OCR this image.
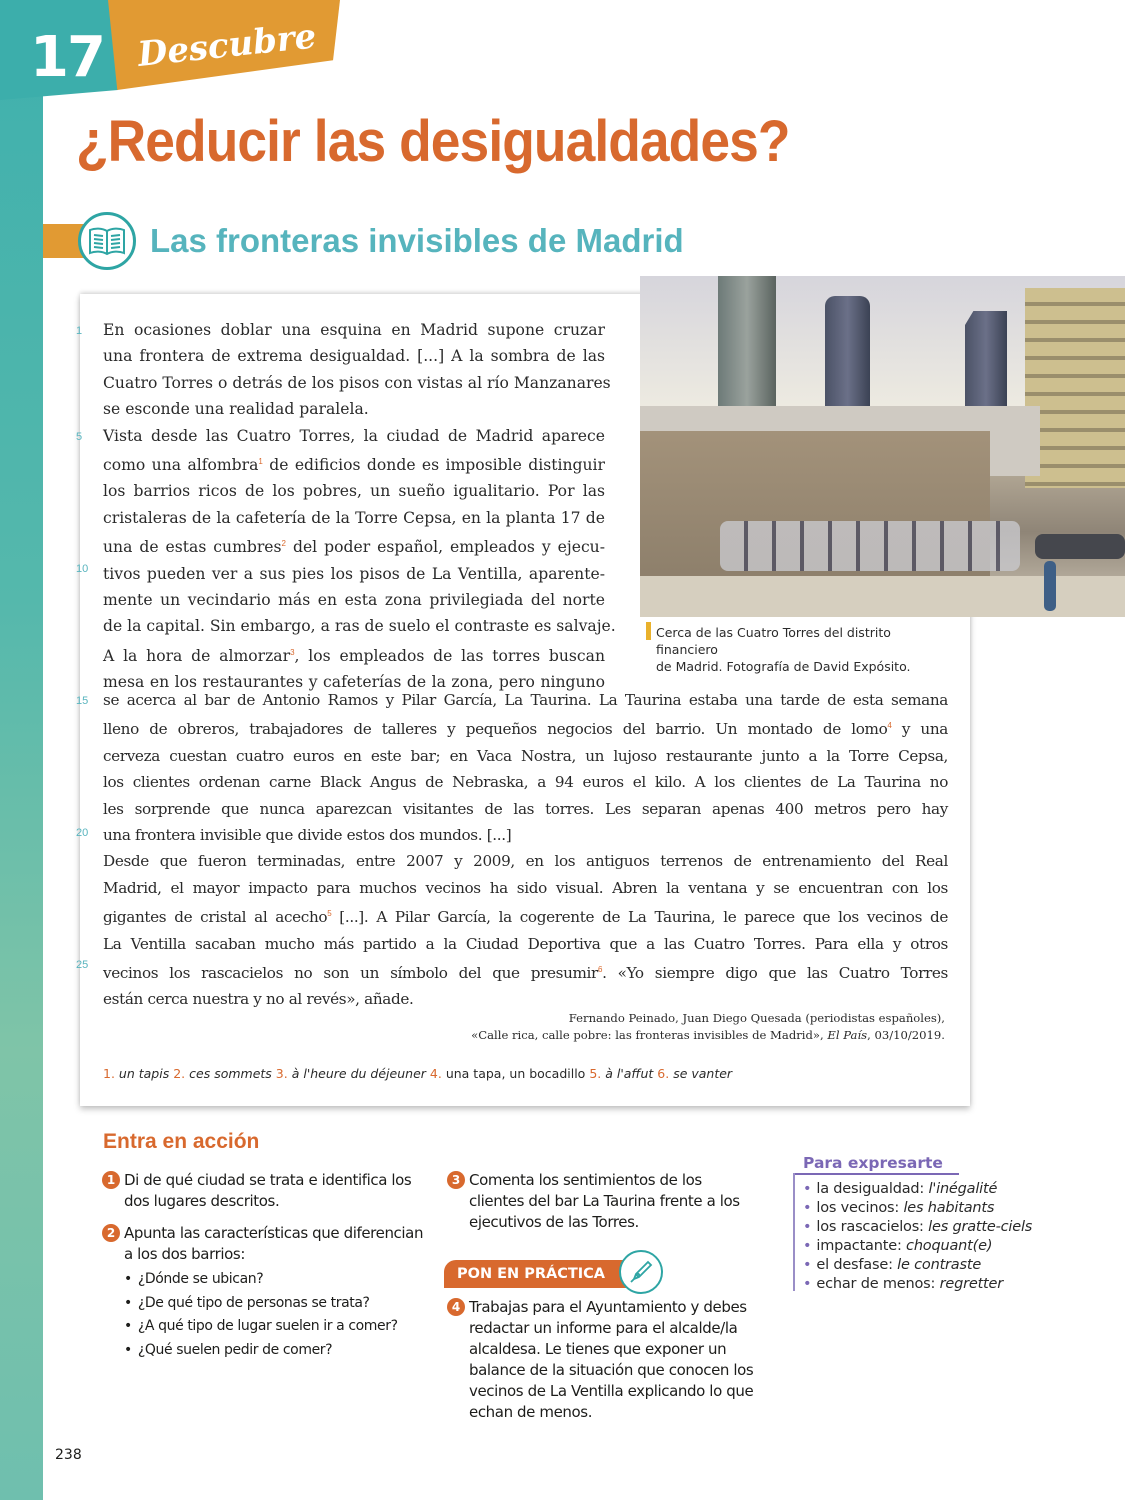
17 Descubre
¿Reducir las desigualdades?
Las fronteras invisibles de Madrid
Cerca de las Cuatro Torres del distrito financiero
de Madrid. Fotografía de David Expósito.
1
5
10
15
20
25
En ocasiones doblar una esquina en Madrid supone cruzar
una frontera de extrema desigualdad. [...] A la sombra de las
Cuatro Torres o detrás de los pisos con vistas al río Manzanares
se esconde una realidad paralela.
Vista desde las Cuatro Torres, la ciudad de Madrid aparece
como una alfombra$^1$ de edificios donde es imposible distinguir
los barrios ricos de los pobres, un sueño igualitario. Por las
cristaleras de la cafetería de la Torre Cepsa, en la planta 17 de
una de estas cumbres$^2$ del poder español, empleados y ejecu-
tivos pueden ver a sus pies los pisos de La Ventilla, aparente-
mente un vecindario más en esta zona privilegiada del norte
de la capital. Sin embargo, a ras de suelo el contraste es salvaje.
A la hora de almorzar$^3$, los empleados de las torres buscan
mesa en los restaurantes y cafeterías de la zona, pero ninguno
se acerca al bar de Antonio Ramos y Pilar García, La Taurina. La Taurina estaba una tarde de esta semana
lleno de obreros, trabajadores de talleres y pequeños negocios del barrio. Un montado de lomo$^4$ y una
cerveza cuestan cuatro euros en este bar; en Vaca Nostra, un lujoso restaurante junto a la Torre Cepsa,
los clientes ordenan carne Black Angus de Nebraska, a 94 euros el kilo. A los clientes de La Taurina no
les sorprende que nunca aparezcan visitantes de las torres. Les separan apenas 400 metros pero hay
una frontera invisible que divide estos dos mundos. [...]
Desde que fueron terminadas, entre 2007 y 2009, en los antiguos terrenos de entrenamiento del Real
Madrid, el mayor impacto para muchos vecinos ha sido visual. Abren la ventana y se encuentran con los
gigantes de cristal al acecho$^5$ [...]. A Pilar García, la cogerente de La Taurina, le parece que los vecinos de
La Ventilla sacaban mucho más partido a la Ciudad Deportiva que a las Cuatro Torres. Para ella y otros
vecinos los rascacielos no son un símbolo del que presumir$^6$. «Yo siempre digo que las Cuatro Torres
están cerca nuestra y no al revés», añade.
Fernando Peinado, Juan Diego Quesada (periodistas españoles),
«Calle rica, calle pobre: las fronteras invisibles de Madrid», El País, 03/10/2019.
1. un tapis 2. ces sommets 3. à l'heure du déjeuner 4. una tapa, un bocadillo 5. à l'affut 6. se vanter
Entra en acción
1 Di de qué ciudad se trata e identifica los dos lugares descritos.
2 Apunta las características que diferencian a los dos barrios:
• ¿Dónde se ubican?
• ¿De qué tipo de personas se trata?
• ¿A qué tipo de lugar suelen ir a comer?
• ¿Qué suelen pedir de comer?
3 Comenta los sentimientos de los clientes del bar La Taurina frente a los ejecutivos de las Torres.
PON EN PRÁCTICA
4 Trabajas para el Ayuntamiento y debes redactar un informe para el alcalde/la alcaldesa. Le tienes que exponer un balance de la situación que conocen los vecinos de La Ventilla explicando lo que echan de menos.
Para expresarte
• la desigualdad: l'inégalité
• los vecinos: les habitants
• los rascacielos: les gratte-ciels
• impactante: choquant(e)
• el desfase: le contraste
• echar de menos: regretter
238
